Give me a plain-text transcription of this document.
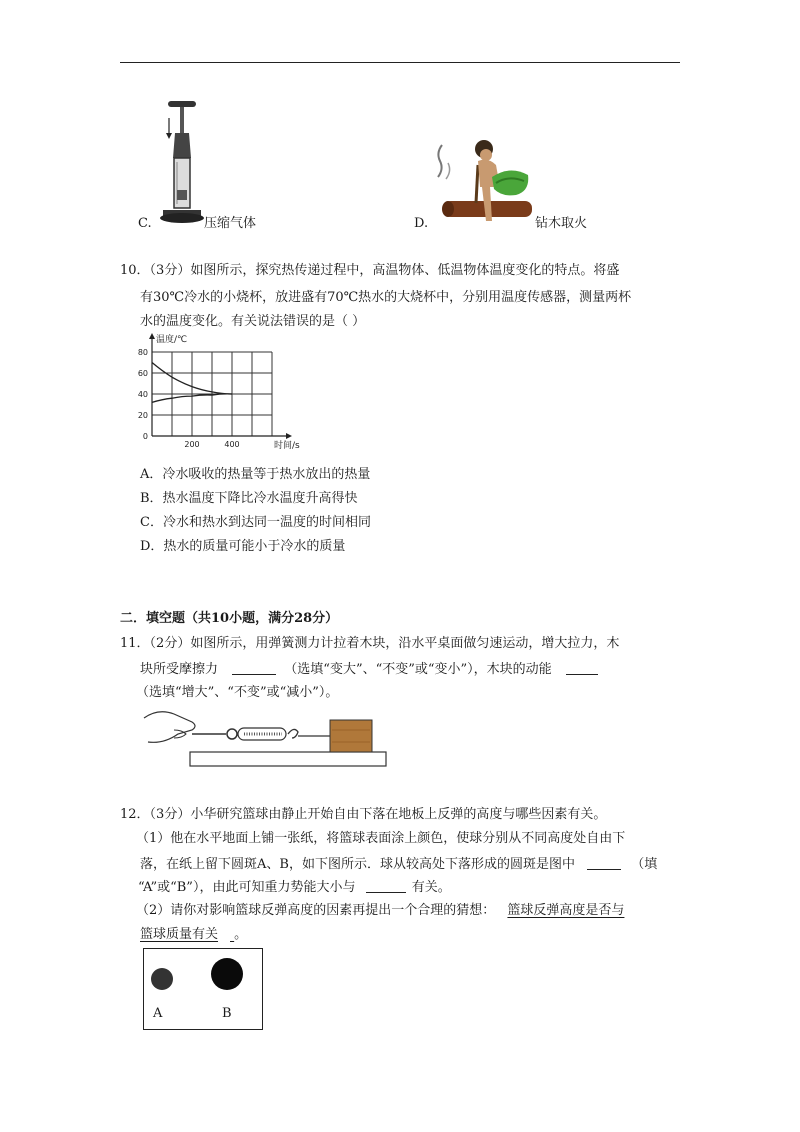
C.	压缩气体	D.	钻木取火
10．（3分）如图所示，探究热传递过程中，高温物体、低温物体温度变化的特点。将盛
有30℃冷水的小烧杯，放进盛有70℃热水的大烧杯中，分别用温度传感器，测量两杯
水的温度变化。有关说法错误的是（ ）
0
20
40
60
80
200	400
温度/℃
时间/s
A．冷水吸收的热量等于热水放出的热量
B．热水温度下降比冷水温度升高得快
C．冷水和热水到达同一温度的时间相同
D．热水的质量可能小于冷水的质量
二．填空题（共10小题，满分28分）
11．（2分）如图所示，用弹簧测力计拉着木块，沿水平桌面做匀速运动，增大拉力，木
块所受摩擦力	（选填“变大”、“不变”或“变小”），木块的动能
（选填“增大”、“不变”或“减小”）。
12．（3分）小华研究篮球由静止开始自由下落在地板上反弹的高度与哪些因素有关。
（1）他在水平地面上铺一张纸，将篮球表面涂上颜色，使球分别从不同高度处自由下
落，在纸上留下圆斑A、B，如下图所示．球从较高处下落形成的圆斑是图中	（填
“A”或“B”），由此可知重力势能大小与	有关。
（2）请你对影响篮球反弹高度的因素再提出一个合理的猜想： 篮球反弹高度是否与
篮球质量有关 。
A	B
